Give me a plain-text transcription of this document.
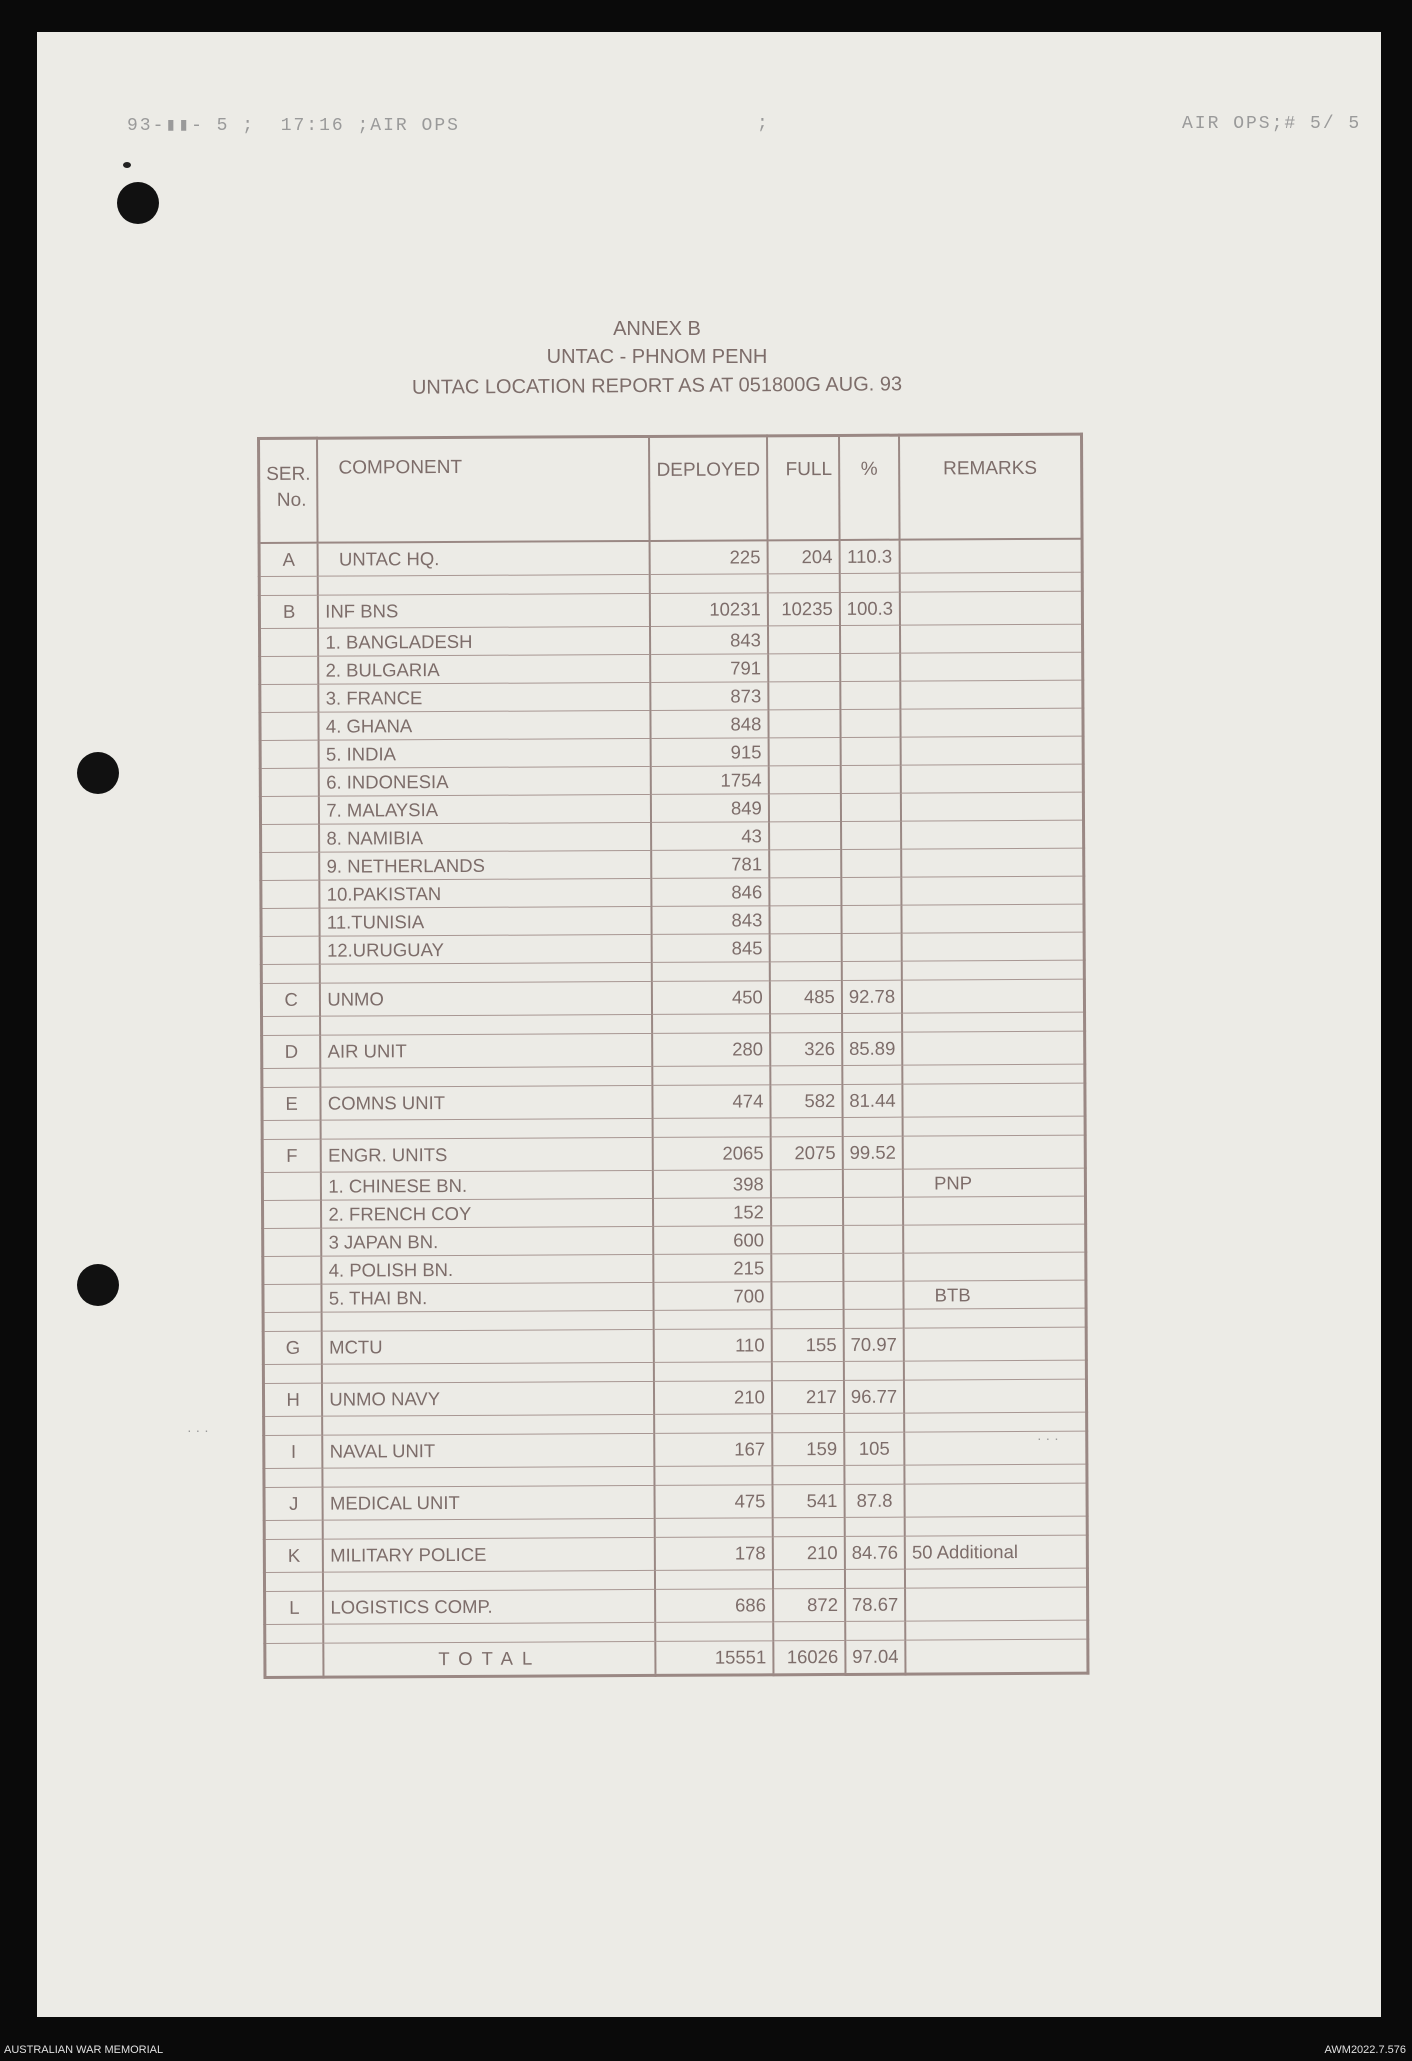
93-▮▮- 5 ;  17:16 ;AIR OPS	;	AIR OPS;# 5/ 5
· · ·	· · ·
ANNEX B
UNTAC - PHNOM PENH
UNTAC LOCATION REPORT AS AT 051800G AUG. 93
SER.
No.	COMPONENT	DEPLOYED	FULL	%	REMARKS
A	UNTAC HQ.	225	204	110.3	

B	INF BNS	10231	10235	100.3	
	1. BANGLADESH	843			
	2. BULGARIA	791			
	3. FRANCE	873			
	4. GHANA	848			
	5. INDIA	915			
	6. INDONESIA	1754			
	7. MALAYSIA	849			
	8. NAMIBIA	43			
	9. NETHERLANDS	781			
	10.PAKISTAN	846			
	11.TUNISIA	843			
	12.URUGUAY	845			

C	UNMO	450	485	92.78	

D	AIR UNIT	280	326	85.89	

E	COMNS UNIT	474	582	81.44	

F	ENGR. UNITS	2065	2075	99.52	
	1. CHINESE BN.	398			PNP
	2. FRENCH COY	152			
	3 JAPAN BN.	600			
	4. POLISH BN.	215			
	5. THAI BN.	700			BTB

G	MCTU	110	155	70.97	

H	UNMO NAVY	210	217	96.77	

I	NAVAL UNIT	167	159	105	

J	MEDICAL UNIT	475	541	87.8	

K	MILITARY POLICE	178	210	84.76	50 Additional

L	LOGISTICS COMP.	686	872	78.67	

	TOTAL	15551	16026	97.04	
AUSTRALIAN WAR MEMORIAL	AWM2022.7.576
